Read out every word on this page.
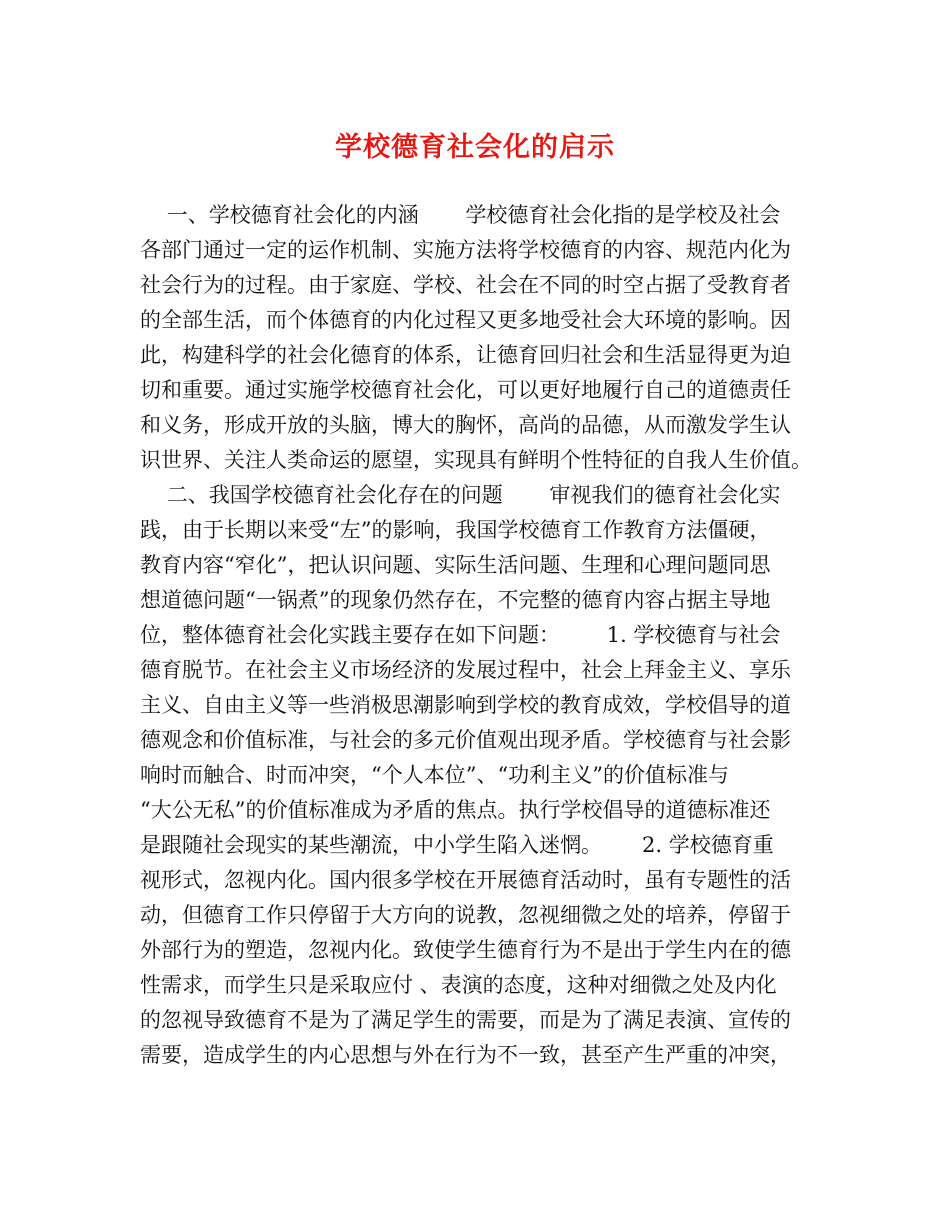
学校德育社会化的启示
一、学校德育社会化的内涵       学校德育社会化指的是学校及社会
各部门通过一定的运作机制、实施方法将学校德育的内容、规范内化为
社会行为的过程。由于家庭、学校、社会在不同的时空占据了受教育者
的全部生活，而个体德育的内化过程又更多地受社会大环境的影响。因
此，构建科学的社会化德育的体系，让德育回归社会和生活显得更为迫
切和重要。通过实施学校德育社会化，可以更好地履行自己的道德责任
和义务，形成开放的头脑，博大的胸怀，高尚的品德，从而激发学生认
识世界、关注人类命运的愿望，实现具有鲜明个性特征的自我人生价值。
二、我国学校德育社会化存在的问题       审视我们的德育社会化实
践，由于长期以来受“左”的影响，我国学校德育工作教育方法僵硬，
教育内容“窄化”，把认识问题、实际生活问题、生理和心理问题同思
想道德问题“一锅煮”的现象仍然存在，不完整的德育内容占据主导地
位，整体德育社会化实践主要存在如下问题：       1. 学校德育与社会
德育脱节。在社会主义市场经济的发展过程中，社会上拜金主义、享乐
主义、自由主义等一些消极思潮影响到学校的教育成效，学校倡导的道
德观念和价值标准，与社会的多元价值观出现矛盾。学校德育与社会影
响时而触合、时而冲突，“个人本位”、“功利主义”的价值标准与
“大公无私”的价值标准成为矛盾的焦点。执行学校倡导的道德标准还
是跟随社会现实的某些潮流，中小学生陷入迷惘。      2. 学校德育重
视形式，忽视内化。国内很多学校在开展德育活动时，虽有专题性的活
动，但德育工作只停留于大方向的说教，忽视细微之处的培养，停留于
外部行为的塑造，忽视内化。致使学生德育行为不是出于学生内在的德
性需求，而学生只是采取应付 、表演的态度，这种对细微之处及内化
的忽视导致德育不是为了满足学生的需要，而是为了满足表演、宣传的
需要，造成学生的内心思想与外在行为不一致，甚至产生严重的冲突，
